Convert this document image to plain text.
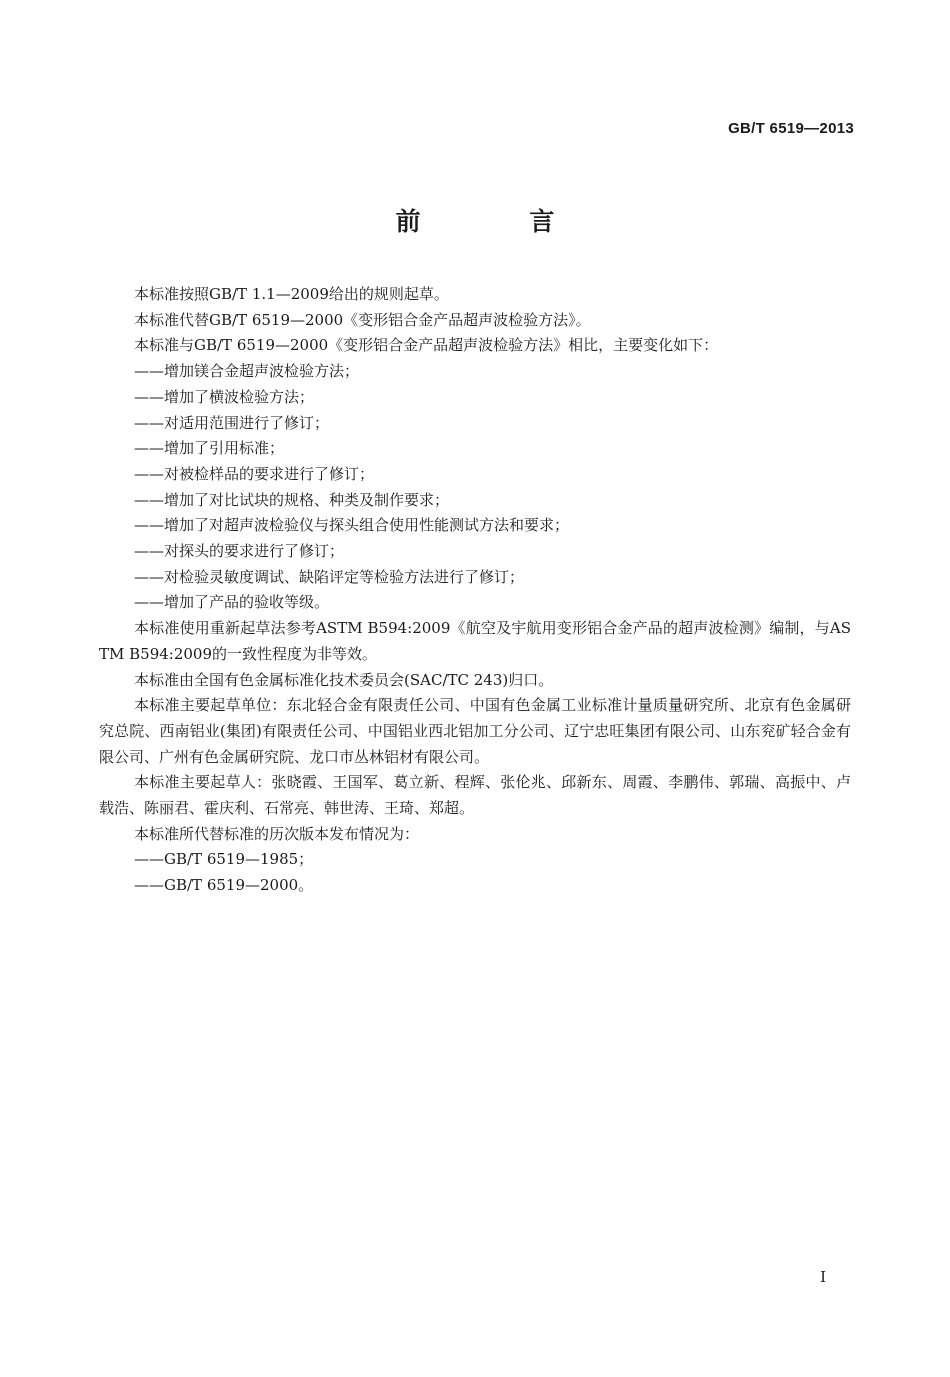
GB/T 6519—2013
前 言

本标准按照GB/T 1.1—2009给出的规则起草。

本标准代替GB/T 6519—2000《变形铝合金产品超声波检验方法》。

本标准与GB/T 6519—2000《变形铝合金产品超声波检验方法》相比，主要变化如下：

——增加镁合金超声波检验方法；

——增加了横波检验方法；

——对适用范围进行了修订；

——增加了引用标准；

——对被检样品的要求进行了修订；

——增加了对比试块的规格、种类及制作要求；

——增加了对超声波检验仪与探头组合使用性能测试方法和要求；

——对探头的要求进行了修订；

——对检验灵敏度调试、缺陷评定等检验方法进行了修订；

——增加了产品的验收等级。

本标准使用重新起草法参考ASTM B594:2009《航空及宇航用变形铝合金产品的超声波检测》编制，与ASTM B594:2009的一致性程度为非等效。

本标准由全国有色金属标准化技术委员会(SAC/TC 243)归口。

本标准主要起草单位：东北轻合金有限责任公司、中国有色金属工业标准计量质量研究所、北京有色金属研究总院、西南铝业(集团)有限责任公司、中国铝业西北铝加工分公司、辽宁忠旺集团有限公司、山东兖矿轻合金有限公司、广州有色金属研究院、龙口市丛林铝材有限公司。

本标准主要起草人：张晓霞、王国军、葛立新、程辉、张伦兆、邱新东、周霞、李鹏伟、郭瑞、高振中、卢载浩、陈丽君、霍庆利、石常亮、韩世涛、王琦、郑超。

本标准所代替标准的历次版本发布情况为：

——GB/T 6519—1985；

——GB/T 6519—2000。

I
